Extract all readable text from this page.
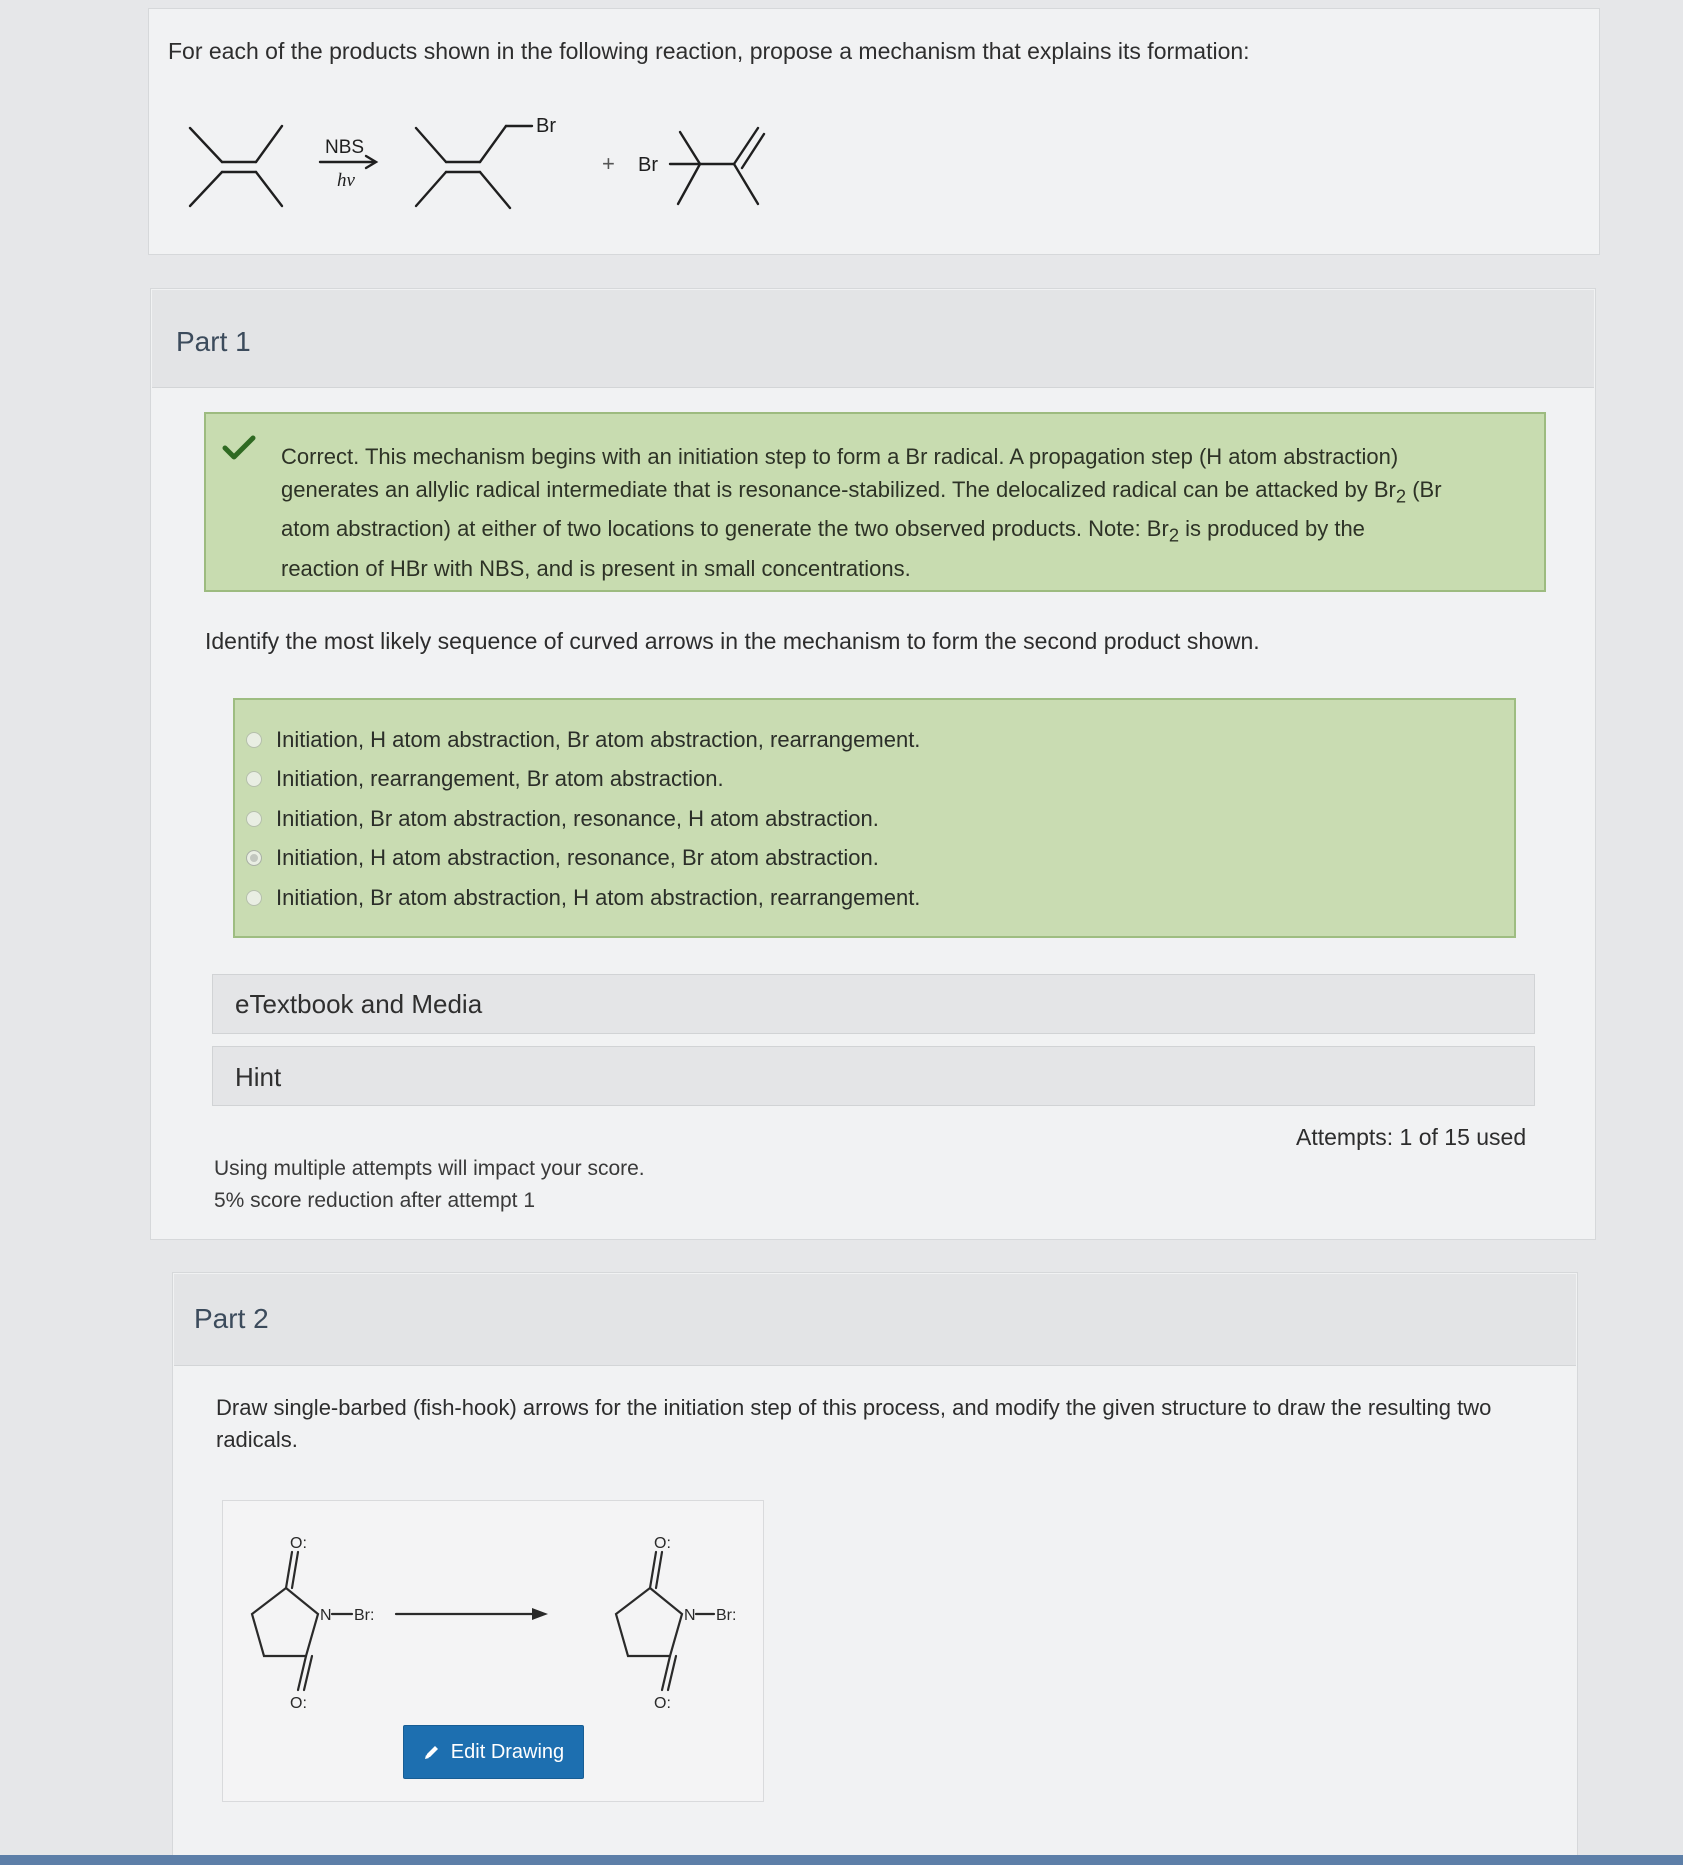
For each of the products shown in the following reaction, propose a mechanism that explains its formation:
NBS
hν
Br
+ Br
Part 1
Correct. This mechanism begins with an initiation step to form a Br radical. A propagation step (H atom abstraction)
generates an allylic radical intermediate that is resonance-stabilized. The delocalized radical can be attacked by $Br_2$ (Br
atom abstraction) at either of two locations to generate the two observed products. Note: $Br_2$ is produced by the
reaction of HBr with NBS, and is present in small concentrations.
Identify the most likely sequence of curved arrows in the mechanism to form the second product shown.
Initiation, H atom abstraction, Br atom abstraction, rearrangement.
Initiation, rearrangement, Br atom abstraction.
Initiation, Br atom abstraction, resonance, H atom abstraction.
Initiation, H atom abstraction, resonance, Br atom abstraction.
Initiation, Br atom abstraction, H atom abstraction, rearrangement.
eTextbook and Media
Hint
Attempts: 1 of 15 used
Using multiple attempts will impact your score.
5% score reduction after attempt 1
Part 2
Draw single-barbed (fish-hook) arrows for the initiation step of this process, and modify the given structure to draw the resulting two radicals.
O:
O:
N Br:
O:
O:
N Br:
Edit Drawing
